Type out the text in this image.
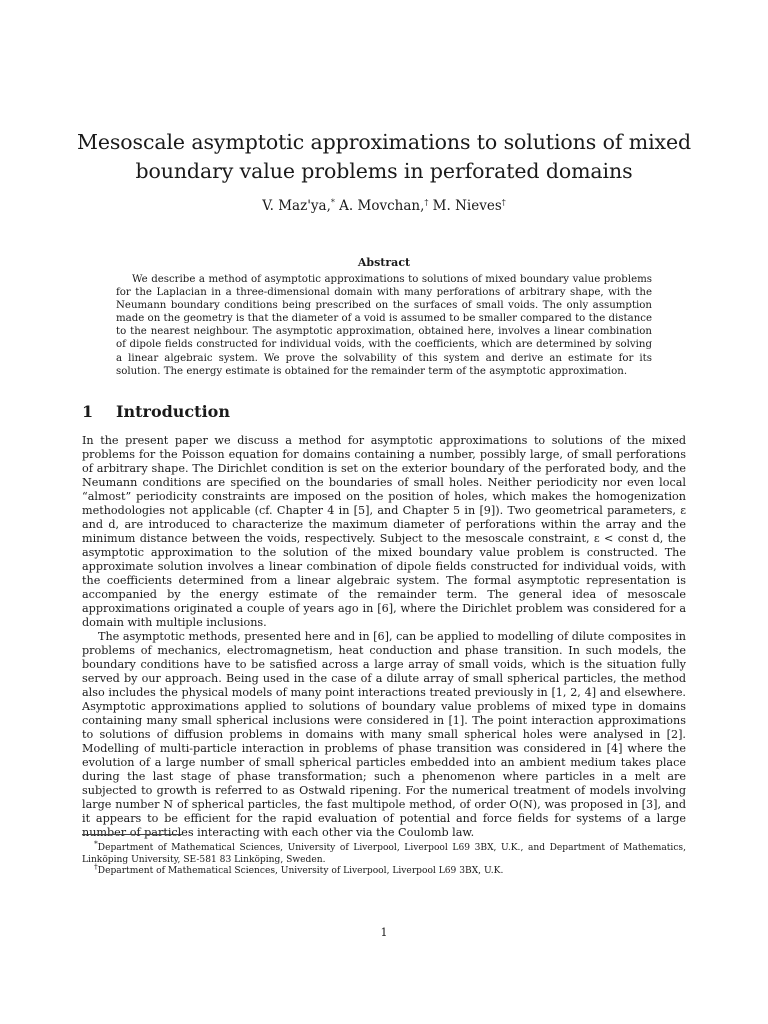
Mesoscale asymptotic approximations to solutions of mixed boundary value problems in perforated domains
V. Maz'ya,* A. Movchan,† M. Nieves†
Abstract

We describe a method of asymptotic approximations to solutions of mixed boundary value problems for the Laplacian in a three-dimensional domain with many perforations of arbitrary shape, with the Neumann boundary conditions being prescribed on the surfaces of small voids. The only assumption made on the geometry is that the diameter of a void is assumed to be smaller compared to the distance to the nearest neighbour. The asymptotic approximation, obtained here, involves a linear combination of dipole fields constructed for individual voids, with the coefficients, which are determined by solving a linear algebraic system. We prove the solvability of this system and derive an estimate for its solution. The energy estimate is obtained for the remainder term of the asymptotic approximation.

1 Introduction

In the present paper we discuss a method for asymptotic approximations to solutions of the mixed problems for the Poisson equation for domains containing a number, possibly large, of small perforations of arbitrary shape. The Dirichlet condition is set on the exterior boundary of the perforated body, and the Neumann conditions are specified on the boundaries of small holes. Neither periodicity nor even local “almost” periodicity constraints are imposed on the position of holes, which makes the homogenization methodologies not applicable (cf. Chapter 4 in [5], and Chapter 5 in [9]). Two geometrical parameters, ε and d, are introduced to characterize the maximum diameter of perforations within the array and the minimum distance between the voids, respectively. Subject to the mesoscale constraint, ε < const d, the asymptotic approximation to the solution of the mixed boundary value problem is constructed. The approximate solution involves a linear combination of dipole fields constructed for individual voids, with the coefficients determined from a linear algebraic system. The formal asymptotic representation is accompanied by the energy estimate of the remainder term. The general idea of mesoscale approximations originated a couple of years ago in [6], where the Dirichlet problem was considered for a domain with multiple inclusions.

The asymptotic methods, presented here and in [6], can be applied to modelling of dilute composites in problems of mechanics, electromagnetism, heat conduction and phase transition. In such models, the boundary conditions have to be satisfied across a large array of small voids, which is the situation fully served by our approach. Being used in the case of a dilute array of small spherical particles, the method also includes the physical models of many point interactions treated previously in [1, 2, 4] and elsewhere. Asymptotic approximations applied to solutions of boundary value problems of mixed type in domains containing many small spherical inclusions were considered in [1]. The point interaction approximations to solutions of diffusion problems in domains with many small spherical holes were analysed in [2]. Modelling of multi-particle interaction in problems of phase transition was considered in [4] where the evolution of a large number of small spherical particles embedded into an ambient medium takes place during the last stage of phase transformation; such a phenomenon where particles in a melt are subjected to growth is referred to as Ostwald ripening. For the numerical treatment of models involving large number N of spherical particles, the fast multipole method, of order O(N), was proposed in [3], and it appears to be efficient for the rapid evaluation of potential and force fields for systems of a large number of particles interacting with each other via the Coulomb law.

*Department of Mathematical Sciences, University of Liverpool, Liverpool L69 3BX, U.K., and Department of Mathematics, Linköping University, SE-581 83 Linköping, Sweden.

†Department of Mathematical Sciences, University of Liverpool, Liverpool L69 3BX, U.K.

1
